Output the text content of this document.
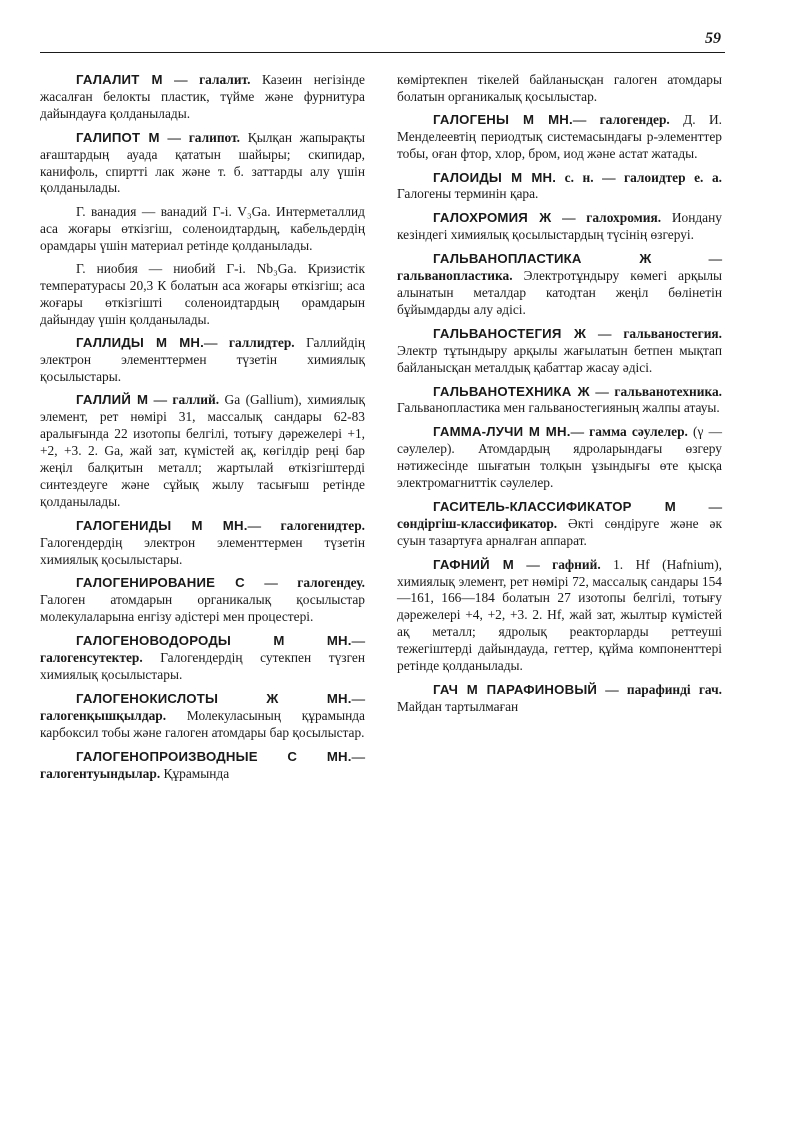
59

ГАЛАЛИТ М — галалит. Казеин негізінде жасалған белокты пластик, түйме және фурнитура дайындауға қолданылады.

ГАЛИПОТ М — галипот. Қылқан жапырақты ағаштардың ауада қататын шайыры; скипидар, канифоль, спиртті лак және т. б. заттарды алу үшін қолданылады.

Г. ванадия — ванадий Г-і. V₃Ga. Интерметаллид аса жоғары өткізгіш, соленоидтардың, кабельдердің орамдары үшін материал ретінде қолданылады.

Г. ниобия — ниобий Г-і. Nb₃Ga. Кризистік температурасы 20,3 К болатын аса жоғары өткізгіш; аса жоғары өткізгішті соленоидтардың орамдарын дайындау үшін қолданылады.

ГАЛЛИДЫ М МН.— галлидтер. Галлийдің электрон элементтермен түзетін химиялық қосылыстары.

ГАЛЛИЙ М — галлий. Ga (Gallium), химиялық элемент, рет нөмірі 31, массалық сандары 62-83 аралығында 22 изотопы белгілі, тотығу дәрежелері +1, +2, +3. 2. Ga, жай зат, күмістей ақ, көгілдір реңі бар жеңіл балқитын металл; жартылай өткізгіштерді синтездеуге және сұйық жылу тасығыш ретінде қолданылады.

ГАЛОГЕНИДЫ М МН.— галогенидтер. Галогендердің электрон элементтермен түзетін химиялық қосылыстары.

ГАЛОГЕНИРОВАНИЕ С — галогендеу. Галоген атомдарын органикалық қосылыстар молекулаларына енгізу әдістері мен процестері.

ГАЛОГЕНОВОДОРОДЫ М МН.— галогенсутектер. Галогендердің сутекпен түзген химиялық қосылыстары.

ГАЛОГЕНОКИСЛОТЫ Ж МН.— галогенқышқылдар. Молекуласының құрамында карбоксил тобы және галоген атомдары бар қосылыстар.

ГАЛОГЕНОПРОИЗВОДНЫЕ С МН.— галогентуындылар. Құрамында

көміртекпен тікелей байланысқан галоген атомдары болатын органикалық қосылыстар.

ГАЛОГЕНЫ М МН.— галогендер. Д. И. Менделеевтің периодтық системасындағы р-элементтер тобы, оған фтор, хлор, бром, иод және астат жатады.

ГАЛОИДЫ М МН. с. н. — галоидтер е. а. Галогены терминін қара.

ГАЛОХРОМИЯ Ж — галохромия. Иондану кезіндегі химиялық қосылыстардың түсінің өзгеруі.

ГАЛЬВАНОПЛАСТИКА Ж — гальванопластика. Электротұндыру көмегі арқылы алынатын металдар катодтан жеңіл бөлінетін бұйымдарды алу әдісі.

ГАЛЬВАНОСТЕГИЯ Ж — гальваностегия. Электр тұтындыру арқылы жағылатын бетпен мықтап байланысқан металдық қабаттар жасау әдісі.

ГАЛЬВАНОТЕХНИКА Ж — гальванотехника. Гальванопластика мен гальваностегияның жалпы атауы.

ГАММА-ЛУЧИ М МН.— гамма сәулелер. (γ — сәулелер). Атомдардың ядроларындағы өзгеру нәтижесінде шығатын толқын ұзындығы өте қысқа электромагниттік сәулелер.

ГАСИТЕЛЬ-КЛАССИФИКАТОР М — сөндіргіш-классификатор. Әкті сөндіруге және әк суын тазартуға арналған аппарат.

ГАФНИЙ М — гафний. 1. Hf (Hafnium), химиялық элемент, рет нөмірі 72, массалық сандары 154—161, 166—184 болатын 27 изотопы белгілі, тотығу дәрежелері +4, +2, +3. 2. Hf, жай зат, жылтыр күмістей ақ металл; ядролық реакторларды реттеуші тежегіштерді дайындауда, геттер, құйма компоненттері ретінде қолданылады.

ГАЧ М ПАРАФИНОВЫЙ — парафинді гач. Майдан тартылмаған
